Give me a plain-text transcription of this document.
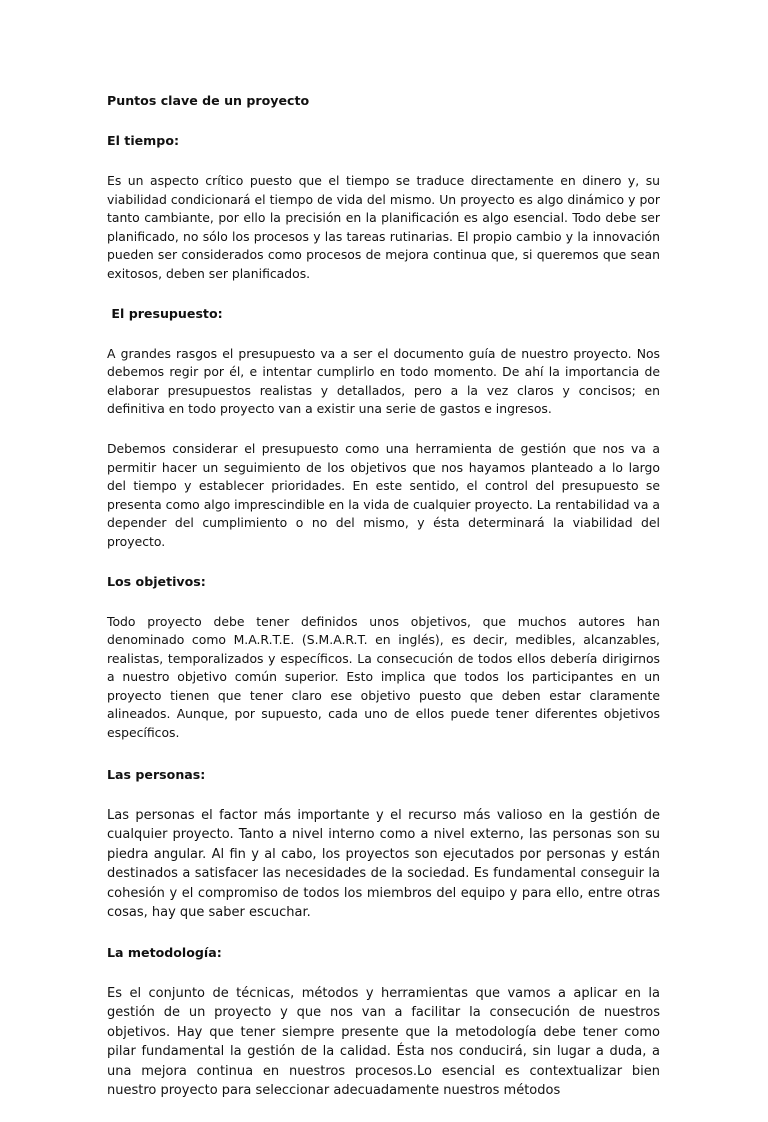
Puntos clave de un proyecto
El tiempo:

Es un aspecto crítico puesto que el tiempo se traduce directamente en dinero y, su viabilidad condicionará el tiempo de vida del mismo. Un proyecto es algo dinámico y por tanto cambiante, por ello la precisión en la planificación es algo esencial. Todo debe ser planificado, no sólo los procesos y las tareas rutinarias. El propio cambio y la innovación pueden ser considerados como procesos de mejora continua que, si queremos que sean exitosos, deben ser planificados.

El presupuesto:

A grandes rasgos el presupuesto va a ser el documento guía de nuestro proyecto. Nos debemos regir por él, e intentar cumplirlo en todo momento. De ahí la importancia de elaborar presupuestos realistas y detallados, pero a la vez claros y concisos; en definitiva en todo proyecto van a existir una serie de gastos e ingresos.

Debemos considerar el presupuesto como una herramienta de gestión que nos va a permitir hacer un seguimiento de los objetivos que nos hayamos planteado a lo largo del tiempo y establecer prioridades. En este sentido, el control del presupuesto se presenta como algo imprescindible en la vida de cualquier proyecto. La rentabilidad va a depender del cumplimiento o no del mismo, y ésta determinará la viabilidad del proyecto.

Los objetivos:

Todo proyecto debe tener definidos unos objetivos, que muchos autores han denominado como M.A.R.T.E. (S.M.A.R.T. en inglés), es decir, medibles, alcanzables, realistas, temporalizados y específicos. La consecución de todos ellos debería dirigirnos a nuestro objetivo común superior. Esto implica que todos los participantes en un proyecto tienen que tener claro ese objetivo puesto que deben estar claramente alineados. Aunque, por supuesto, cada uno de ellos puede tener diferentes objetivos específicos.

Las personas:

Las personas el factor más importante y el recurso más valioso en la gestión de cualquier proyecto. Tanto a nivel interno como a nivel externo, las personas son su piedra angular. Al fin y al cabo, los proyectos son ejecutados por personas y están destinados a satisfacer las necesidades de la sociedad. Es fundamental conseguir la cohesión y el compromiso de todos los miembros del equipo y para ello, entre otras cosas, hay que saber escuchar.

La metodología:

Es el conjunto de técnicas, métodos y herramientas que vamos a aplicar en la gestión de un proyecto y que nos van a facilitar la consecución de nuestros objetivos. Hay que tener siempre presente que la metodología debe tener como pilar fundamental la gestión de la calidad. Ésta nos conducirá, sin lugar a duda, a una mejora continua en nuestros procesos.Lo esencial es contextualizar bien nuestro proyecto para seleccionar adecuadamente nuestros métodos
